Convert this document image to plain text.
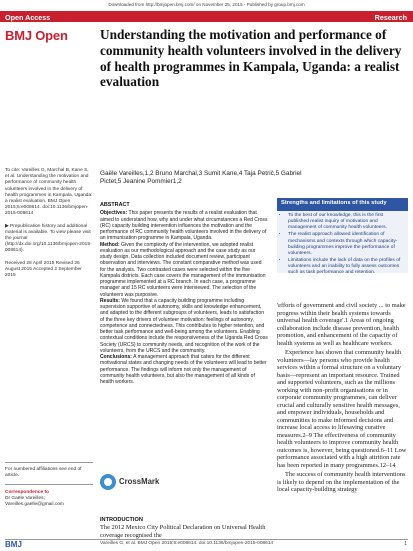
Downloaded from http://bmjopen.bmj.com/ on November 25, 2015 - Published by group.bmj.com
Open Access	Research
BMJ Open Understanding the motivation and performance of community health volunteers involved in the delivery of health programmes in Kampala, Uganda: a realist evaluation
Gaële Vareilles,1,2 Bruno Marchal,3 Sumit Kane,4 Taja Petrič,5 Gabriel Pictet,5 Jeanine Pommier1,2

To cite: Vareilles G, Marchal B, Kane S, et al. Understanding the motivation and performance of community health volunteers involved in the delivery of health programmes in Kampala, Uganda: a realist evaluation. BMJ Open 2015;5:e008614. doi:10.1136/bmjopen-2015-008614

▶ Prepublication history and additional material is available. To view please visit the journal (http://dx.doi.org/10.1136/bmjopen-2015-008614).

Received 28 April 2015 Revised 26 August 2015 Accepted 2 September 2015

For numbered affiliations see end of article.

Correspondence to

Dr Gaële Vareilles; Vareilles.gaelle@gmail.com

ABSTRACT

Objectives: This paper presents the results of a realist evaluation that aimed to understand how, why and under what circumstances a Red Cross (RC) capacity building intervention influences the motivation and the performance of RC community health volunteers involved in the delivery of an immunisation programme in Kampala, Uganda.

Method: Given the complexity of the intervention, we adopted realist evaluation as our methodological approach and the case study as our study design. Data collection included document review, participant observation and interviews. The constant comparative method was used for the analysis. Two contrasted cases were selected within the five Kampala districts. Each case covers the management of the immunisation programme implemented at a RC branch. In each case, a programme manager and 15 RC volunteers were interviewed. The selection of the volunteers was purposive.

Results: We found that a capacity building programme including supervision supportive of autonomy, skills and knowledge enhancement, and adapted to the different subgroups of volunteers, leads to satisfaction of the three key drivers of volunteer motivation: feelings of autonomy, competence and connectedness. This contributes to higher retention, and better task performance and well-being among the volunteers. Enabling contextual conditions include the responsiveness of the Uganda Red Cross Society (URCS) to community needs, and recognition of the work of the volunteers, from the URCS and the community.

Conclusions: A management approach that caters for the different motivational states and changing needs of the volunteers will lead to better performance. The findings will inform not only the management of community health volunteers, but also the management of all kinds of health workers.

CrossMark
INTRODUCTION

The 2012 Mexico City Political Declaration on Universal Health coverage recognised the

Strengths and limitations of this study
• To the best of our knowledge, this is the first published realist inquiry of motivation and management of community health volunteers.
• The realist approach allowed identification of mechanisms and contexts through which capacity-building programmes improve the performance of volunteers.
• Limitations include the lack of data on the profiles of volunteers and an inability to fully assess outcomes such as task performance and retention.

'efforts of government and civil society ... to make progress within their health systems towards universal health coverage'.1 Areas of ongoing collaboration include disease prevention, health promotion, and enhancement of the capacity of health systems as well as healthcare workers.

Experience has shown that community health volunteers—lay persons who provide health services within a formal structure on a voluntary basis—represent an important resource. Trained and supported volunteers, such as the millions working with non-profit organisations or in corporate community programmes, can deliver crucial and culturally sensitive health messages, and empower individuals, households and communities to make informed decisions and increase local access to lifesaving curative measures.2–9 The effectiveness of community health volunteers to improve community health outcomes is, however, being questioned.6–11 Low performance associated with a high attrition rate has been reported in many programmes.12–14

The success of community health interventions is likely to depend on the implementation of the local capacity-building strategy

BMJ	Vareilles G, et al. BMJ Open 2015;5:e008614. doi:10.1136/bmjopen-2015-008614	1
